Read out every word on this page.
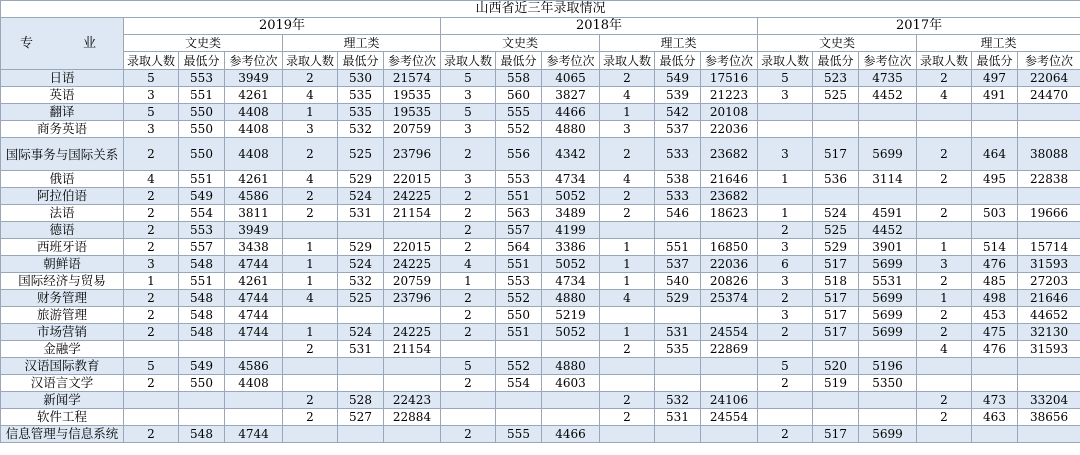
山西省近三年录取情况																		
专　　业	2019年						2018年						2017年					
	文史类			理工类			文史类			理工类			文史类			理工类		
	录取人数	最低分	参考位次	录取人数	最低分	参考位次	录取人数	最低分	参考位次	录取人数	最低分	参考位次	录取人数	最低分	参考位次	录取人数	最低分	参考位次
日语	5	553	3949	2	530	21574	5	558	4065	2	549	17516	5	523	4735	2	497	22064
英语	3	551	4261	4	535	19535	3	560	3827	4	539	21223	3	525	4452	4	491	24470
翻译	5	550	4408	1	535	19535	5	555	4466	1	542	20108						
商务英语	3	550	4408	3	532	20759	3	552	4880	3	537	22036						
国际事务与国际关系	2	550	4408	2	525	23796	2	556	4342	2	533	23682	3	517	5699	2	464	38088
俄语	4	551	4261	4	529	22015	3	553	4734	4	538	21646	1	536	3114	2	495	22838
阿拉伯语	2	549	4586	2	524	24225	2	551	5052	2	533	23682						
法语	2	554	3811	2	531	21154	2	563	3489	2	546	18623	1	524	4591	2	503	19666
德语	2	553	3949				2	557	4199				2	525	4452			
西班牙语	2	557	3438	1	529	22015	2	564	3386	1	551	16850	3	529	3901	1	514	15714
朝鲜语	3	548	4744	1	524	24225	4	551	5052	1	537	22036	6	517	5699	3	476	31593
国际经济与贸易	1	551	4261	1	532	20759	1	553	4734	1	540	20826	3	518	5531	2	485	27203
财务管理	2	548	4744	4	525	23796	2	552	4880	4	529	25374	2	517	5699	1	498	21646
旅游管理	2	548	4744				2	550	5219				3	517	5699	2	453	44652
市场营销	2	548	4744	1	524	24225	2	551	5052	1	531	24554	2	517	5699	2	475	32130
金融学				2	531	21154				2	535	22869				4	476	31593
汉语国际教育	5	549	4586				5	552	4880				5	520	5196			
汉语言文学	2	550	4408				2	554	4603				2	519	5350			
新闻学				2	528	22423				2	532	24106				2	473	33204
软件工程				2	527	22884				2	531	24554				2	463	38656
信息管理与信息系统	2	548	4744				2	555	4466				2	517	5699			
